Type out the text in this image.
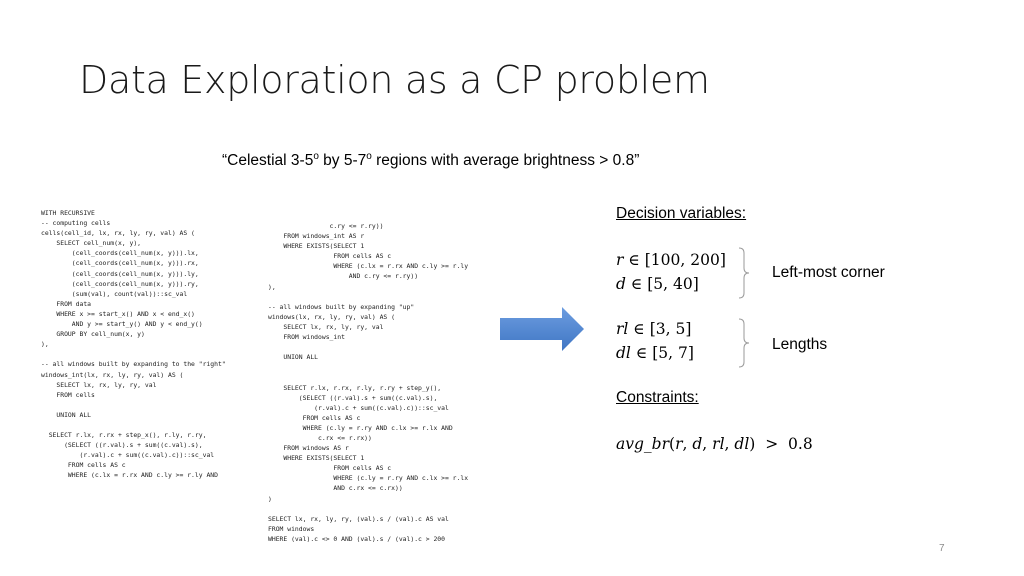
Data Exploration as a CP problem
“Celestial 3-5$^o$ by 5-7$^o$ regions with average brightness > 0.8”
WITH RECURSIVE
-- computing cells
cells(cell_id, lx, rx, ly, ry, val) AS (
SELECT cell_num(x, y),
(cell_coords(cell_num(x, y))).lx,
(cell_coords(cell_num(x, y))).rx,
(cell_coords(cell_num(x, y))).ly,
(cell_coords(cell_num(x, y))).ry,
(sum(val), count(val))::sc_val
FROM data
WHERE x >= start_x() AND x < end_x()
AND y >= start_y() AND y < end_y()
GROUP BY cell_num(x, y)
),

-- all windows built by expanding to the "right"
windows_int(lx, rx, ly, ry, val) AS (
SELECT lx, rx, ly, ry, val
FROM cells

UNION ALL

SELECT r.lx, r.rx + step_x(), r.ly, r.ry,
(SELECT ((r.val).s + sum((c.val).s),
(r.val).c + sum((c.val).c))::sc_val
FROM cells AS c
WHERE (c.lx = r.rx AND c.ly >= r.ly AND
c.ry <= r.ry))
FROM windows_int AS r
WHERE EXISTS(SELECT 1
FROM cells AS c
WHERE (c.lx = r.rx AND c.ly >= r.ly
AND c.ry <= r.ry))
),

-- all windows built by expanding "up"
windows(lx, rx, ly, ry, val) AS (
SELECT lx, rx, ly, ry, val
FROM windows_int

UNION ALL

SELECT r.lx, r.rx, r.ly, r.ry + step_y(),
(SELECT ((r.val).s + sum((c.val).s),
(r.val).c + sum((c.val).c))::sc_val
FROM cells AS c
WHERE (c.ly = r.ry AND c.lx >= r.lx AND
c.rx <= r.rx))
FROM windows AS r
WHERE EXISTS(SELECT 1
FROM cells AS c
WHERE (c.ly = r.ry AND c.lx >= r.lx
AND c.rx <= c.rx))
)

SELECT lx, rx, ly, ry, (val).s / (val).c AS val
FROM windows
WHERE (val).c <> 0 AND (val).s / (val).c > 200
Decision variables:
r ∈ [100, 200]
d ∈ [5, 40]
Left-most corner
rl ∈ [3, 5]
dl ∈ [5, 7]	Lengths
Constraints:
avg_br(r, d, rl, dl)  >  0.8
7
